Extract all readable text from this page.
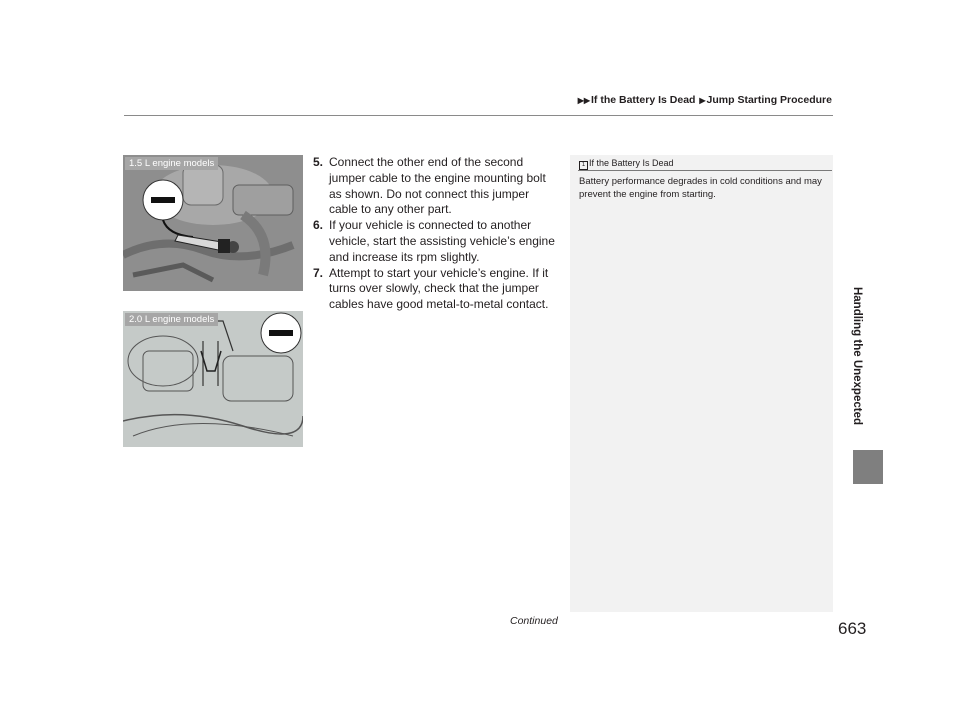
▶▶If the Battery Is Dead ▶Jump Starting Procedure
Handling the Unexpected
1.5 L engine models
2.0 L engine models
5. Connect the other end of the second jumper cable to the engine mounting bolt as shown. Do not connect this jumper cable to any other part.
6. If your vehicle is connected to another vehicle, start the assisting vehicle’s engine and increase its rpm slightly.
7. Attempt to start your vehicle’s engine. If it turns over slowly, check that the jumper cables have good metal-to-metal contact.
1 If the Battery Is Dead
Battery performance degrades in cold conditions and may prevent the engine from starting.
Continued	663
